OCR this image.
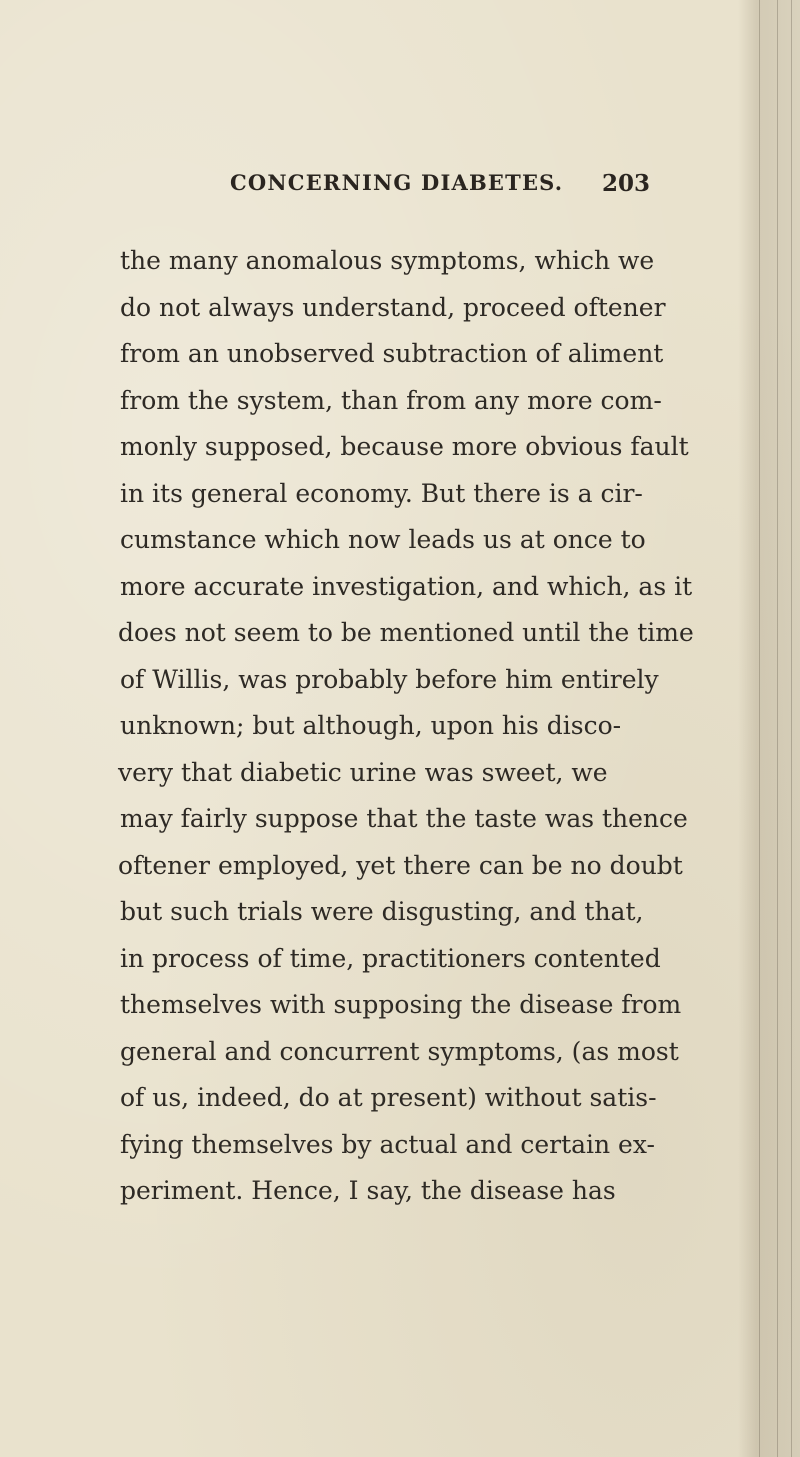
CONCERNING DIABETES. 203
the many anomalous symptoms, which we
do not always understand, proceed oftener
from an unobserved subtraction of aliment
from the system, than from any more com-
monly supposed, because more obvious fault
in its general economy. But there is a cir-
cumstance which now leads us at once to
more accurate investigation, and which, as it
does not seem to be mentioned until the time
of Willis, was probably before him entirely
unknown; but although, upon his disco-
very that diabetic urine was sweet, we
may fairly suppose that the taste was thence
oftener employed, yet there can be no doubt
but such trials were disgusting, and that,
in process of time, practitioners contented
themselves with supposing the disease from
general and concurrent symptoms, (as most
of us, indeed, do at present) without satis-
fying themselves by actual and certain ex-
periment. Hence, I say, the disease has
